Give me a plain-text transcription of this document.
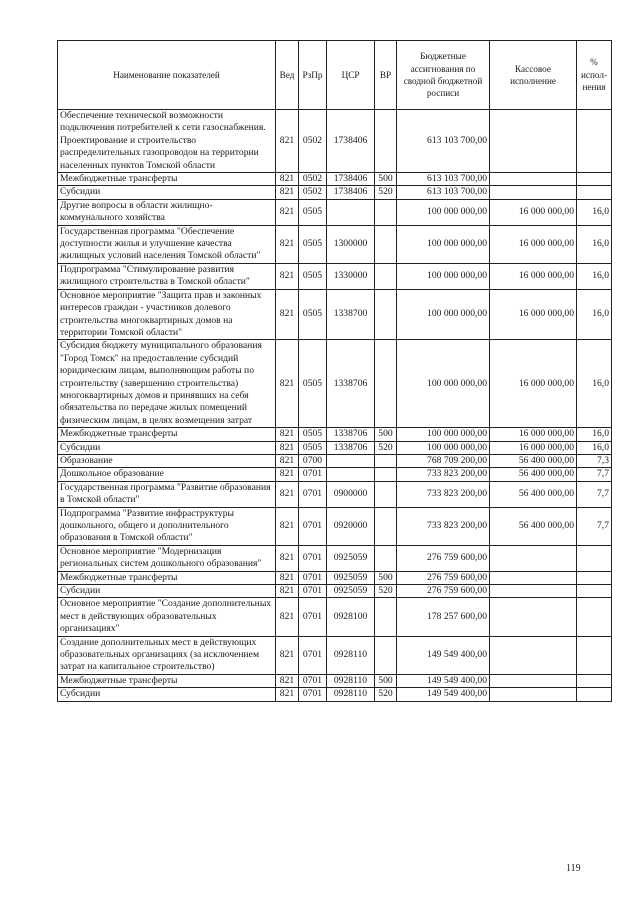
Наименование показателей	Вед	РзПр	ЦСР	ВР	Бюджетные ассигнования по сводной бюджетной росписи	Кассовое исполнение	% испол-нения
Обеспечение технической возможности подключения потребителей к сети газоснабжения. Проектирование и строительство распределительных газопроводов на территории населенных пунктов Томской области	821	0502	1738406		613 103 700,00		
Межбюджетные трансферты	821	0502	1738406	500	613 103 700,00		
Субсидии	821	0502	1738406	520	613 103 700,00		
Другие вопросы в области жилищно-коммунального хозяйства	821	0505			100 000 000,00	16 000 000,00	16,0
Государственная программа "Обеспечение доступности жилья и улучшение качества жилищных условий населения Томской области"	821	0505	1300000		100 000 000,00	16 000 000,00	16,0
Подпрограмма "Стимулирование развития жилищного строительства в Томской области"	821	0505	1330000		100 000 000,00	16 000 000,00	16,0
Основное мероприятие "Защита прав и законных интересов граждан - участников долевого строительства многоквартирных домов на территории Томской области"	821	0505	1338700		100 000 000,00	16 000 000,00	16,0
Субсидия бюджету муниципального образования "Город Томск" на предоставление субсидий юридическим лицам, выполняющим работы по строительству (завершению строительства) многоквартирных домов и принявших на себя обязательства по передаче жилых помещений физическим лицам, в целях возмещения затрат	821	0505	1338706		100 000 000,00	16 000 000,00	16,0
Межбюджетные трансферты	821	0505	1338706	500	100 000 000,00	16 000 000,00	16,0
Субсидии	821	0505	1338706	520	100 000 000,00	16 000 000,00	16,0
Образование	821	0700			768 709 200,00	56 400 000,00	7,3
Дошкольное образование	821	0701			733 823 200,00	56 400 000,00	7,7
Государственная программа "Развитие образования в Томской области"	821	0701	0900000		733 823 200,00	56 400 000,00	7,7
Подпрограмма "Развитие инфраструктуры дошкольного, общего и дополнительного образования в Томской области"	821	0701	0920000		733 823 200,00	56 400 000,00	7,7
Основное мероприятие "Модернизация региональных систем дошкольного образования"	821	0701	0925059		276 759 600,00		
Межбюджетные трансферты	821	0701	0925059	500	276 759 600,00		
Субсидии	821	0701	0925059	520	276 759 600,00		
Основное мероприятие "Создание дополнительных мест в действующих образовательных организациях"	821	0701	0928100		178 257 600,00		
Создание дополнительных мест в действующих образовательных организациях (за исключением затрат на капитальное строительство)	821	0701	0928110		149 549 400,00		
Межбюджетные трансферты	821	0701	0928110	500	149 549 400,00		
Субсидии	821	0701	0928110	520	149 549 400,00		
119
